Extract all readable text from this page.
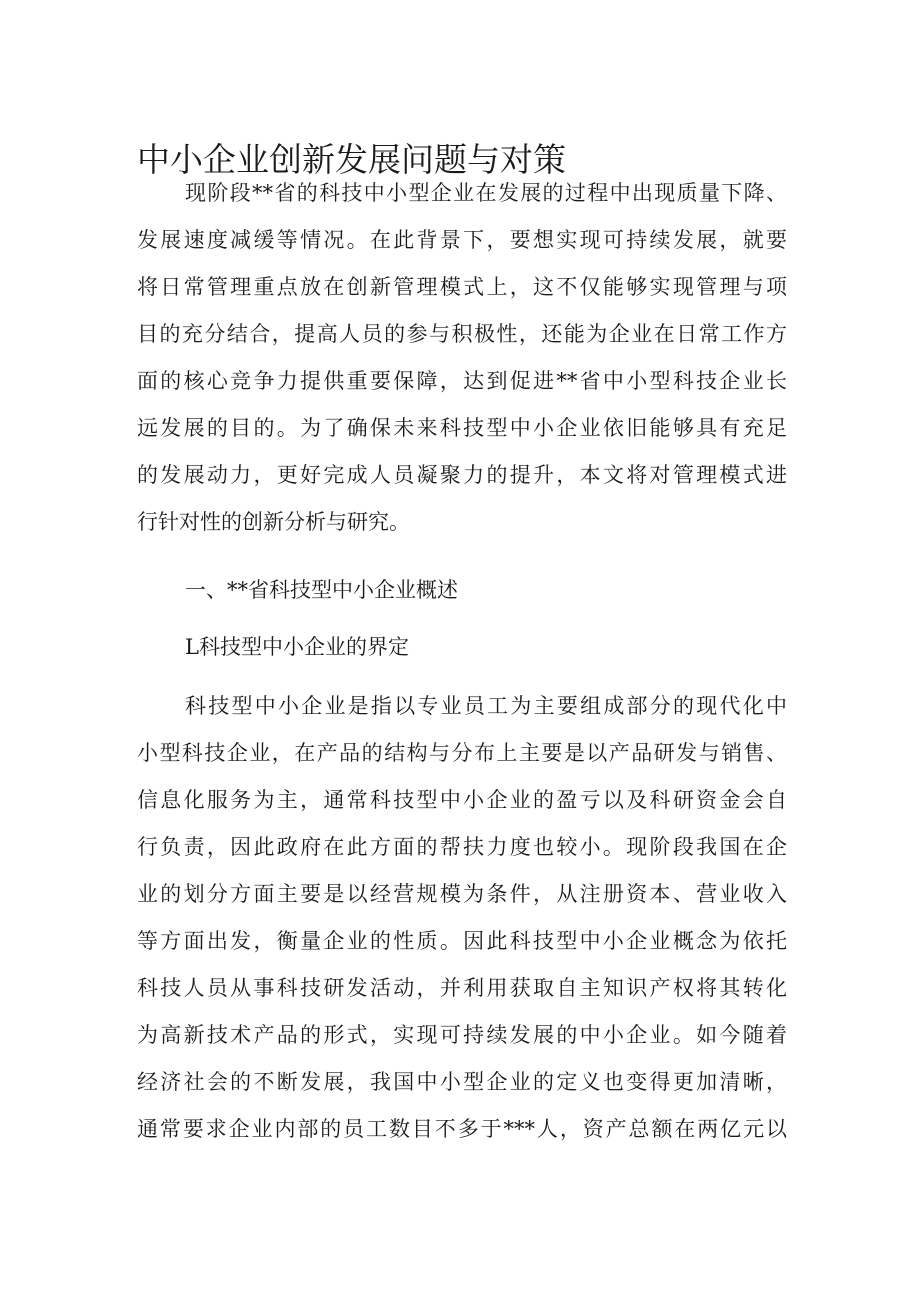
中小企业创新发展问题与对策
现阶段**省的科技中小型企业在发展的过程中出现质量下降、
发展速度减缓等情况。在此背景下，要想实现可持续发展，就要
将日常管理重点放在创新管理模式上，这不仅能够实现管理与项
目的充分结合，提高人员的参与积极性，还能为企业在日常工作方
面的核心竞争力提供重要保障，达到促进**省中小型科技企业长
远发展的目的。为了确保未来科技型中小企业依旧能够具有充足
的发展动力，更好完成人员凝聚力的提升，本文将对管理模式进
行针对性的创新分析与研究。
一、**省科技型中小企业概述
L科技型中小企业的界定
科技型中小企业是指以专业员工为主要组成部分的现代化中
小型科技企业，在产品的结构与分布上主要是以产品研发与销售、
信息化服务为主，通常科技型中小企业的盈亏以及科研资金会自
行负责，因此政府在此方面的帮扶力度也较小。现阶段我国在企
业的划分方面主要是以经营规模为条件，从注册资本、营业收入
等方面出发，衡量企业的性质。因此科技型中小企业概念为依托
科技人员从事科技研发活动，并利用获取自主知识产权将其转化
为高新技术产品的形式，实现可持续发展的中小企业。如今随着
经济社会的不断发展，我国中小型企业的定义也变得更加清晰，
通常要求企业内部的员工数目不多于***人，资产总额在两亿元以
